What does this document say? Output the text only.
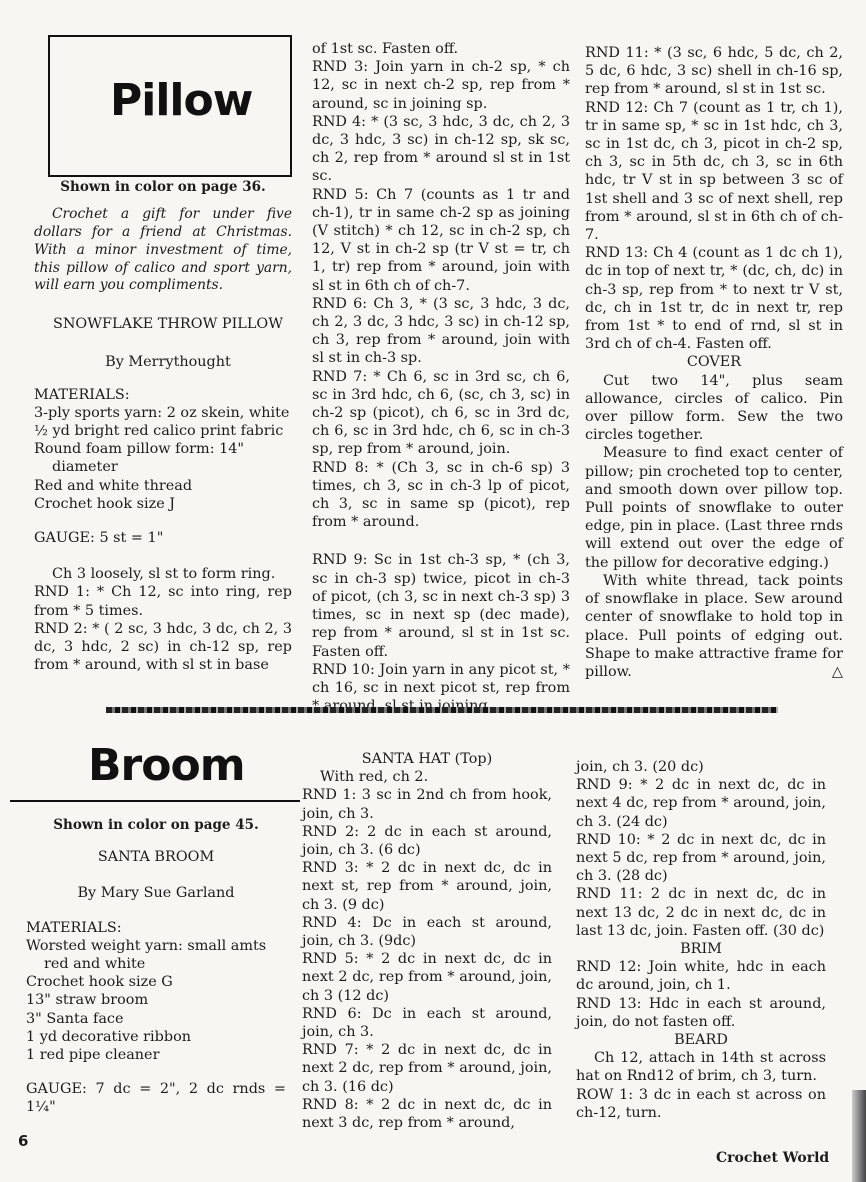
Pillow

Shown in color on page 36.

Crochet a gift for under five dollars for a friend at Christmas. With a minor investment of time, this pillow of calico and sport yarn, will earn you compliments.

SNOWFLAKE THROW PILLOW

By Merrythought

MATERIALS:

3-ply sports yarn: 2 oz skein, white
½ yd bright red calico print fabric
Round foam pillow form: 14" diameter
Red and white thread
Crochet hook size J

GAUGE: 5 st = 1"

Ch 3 loosely, sl st to form ring.

RND 1: * Ch 12, sc into ring, rep from * 5 times.

RND 2: * ( 2 sc, 3 hdc, 3 dc, ch 2, 3 dc, 3 hdc, 2 sc) in ch-12 sp, rep from * around, with sl st in base

of 1st sc. Fasten off.

RND 3: Join yarn in ch-2 sp, * ch 12, sc in next ch-2 sp, rep from * around, sc in joining sp.

RND 4: * (3 sc, 3 hdc, 3 dc, ch 2, 3 dc, 3 hdc, 3 sc) in ch-12 sp, sk sc, ch 2, rep from * around sl st in 1st sc.

RND 5: Ch 7 (counts as 1 tr and ch-1), tr in same ch-2 sp as joining (V stitch) * ch 12, sc in ch-2 sp, ch 12, V st in ch-2 sp (tr V st = tr, ch 1, tr) rep from * around, join with sl st in 6th ch of ch-7.

RND 6: Ch 3, * (3 sc, 3 hdc, 3 dc, ch 2, 3 dc, 3 hdc, 3 sc) in ch-12 sp, ch 3, rep from * around, join with sl st in ch-3 sp.

RND 7: * Ch 6, sc in 3rd sc, ch 6, sc in 3rd hdc, ch 6, (sc, ch 3, sc) in ch-2 sp (picot), ch 6, sc in 3rd dc, ch 6, sc in 3rd hdc, ch 6, sc in ch-3 sp, rep from * around, join.

RND 8: * (Ch 3, sc in ch-6 sp) 3 times, ch 3, sc in ch-3 lp of picot, ch 3, sc in same sp (picot), rep from * around.

RND 9: Sc in 1st ch-3 sp, * (ch 3, sc in ch-3 sp) twice, picot in ch-3 of picot, (ch 3, sc in next ch-3 sp) 3 times, sc in next sp (dec made), rep from * around, sl st in 1st sc. Fasten off.

RND 10: Join yarn in any picot st, * ch 16, sc in next picot st, rep from

RND 11: * (3 sc, 6 hdc, 5 dc, ch 2, 5 dc, 6 hdc, 3 sc) shell in ch-16 sp, rep from * around, sl st in 1st sc.

RND 12: Ch 7 (count as 1 tr, ch 1), tr in same sp, * sc in 1st hdc, ch 3, sc in 1st dc, ch 3, picot in ch-2 sp, ch 3, sc in 5th dc, ch 3, sc in 6th hdc, tr V st in sp between 3 sc of 1st shell and 3 sc of next shell, rep from * around, sl st in 6th ch of ch-7.

RND 13: Ch 4 (count as 1 dc ch 1), dc in top of next tr, * (dc, ch, dc) in ch-3 sp, rep from * to next tr V st, dc, ch in 1st tr, dc in next tr, rep from 1st * to end of rnd, sl st in 3rd ch of ch-4. Fasten off.

COVER

Cut two 14", plus seam allowance, circles of calico. Pin over pillow form. Sew the two circles together.

Measure to find exact center of pillow; pin crocheted top to center, and smooth down over pillow top. Pull points of snowflake to outer edge, pin in place. (Last three rnds will extend out over the edge of the pillow for decorative edging.)

With white thread, tack points of snowflake in place. Sew around center of snowflake to hold top in place. Pull points of edging out. Shape to make attractive frame for pillow.	△

Broom

Shown in color on page 45.

SANTA BROOM

By Mary Sue Garland

MATERIALS:

Worsted weight yarn: small amts red and white
Crochet hook size G
13" straw broom
3" Santa face
1 yd decorative ribbon
1 red pipe cleaner

GAUGE: 7 dc = 2", 2 dc rnds = 1¼"

SANTA HAT (Top)

With red, ch 2.

RND 1: 3 sc in 2nd ch from hook, join, ch 3.

RND 2: 2 dc in each st around, join, ch 3. (6 dc)

RND 3: * 2 dc in next dc, dc in next st, rep from * around, join, ch 3. (9 dc)

RND 4: Dc in each st around, join, ch 3. (9dc)

RND 5: * 2 dc in next dc, dc in next 2 dc, rep from * around, join, ch 3 (12 dc)

RND 6: Dc in each st around, join, ch 3.

RND 7: * 2 dc in next dc, dc in next 2 dc, rep from * around, join, ch 3. (16 dc)

RND 8: * 2 dc in next dc, dc in next 3 dc, rep from * around,

join, ch 3. (20 dc)

RND 9: * 2 dc in next dc, dc in next 4 dc, rep from * around, join, ch 3. (24 dc)

RND 10: * 2 dc in next dc, dc in next 5 dc, rep from * around, join, ch 3. (28 dc)

RND 11: 2 dc in next dc, dc in next 13 dc, 2 dc in next dc, dc in last 13 dc, join. Fasten off. (30 dc)

BRIM

RND 12: Join white, hdc in each dc around, join, ch 1.

RND 13: Hdc in each st around, join, do not fasten off.

BEARD

Ch 12, attach in 14th st across hat on Rnd12 of brim, ch 3, turn.

ROW 1: 3 dc in each st across on ch-12, turn.

6
Crochet World
